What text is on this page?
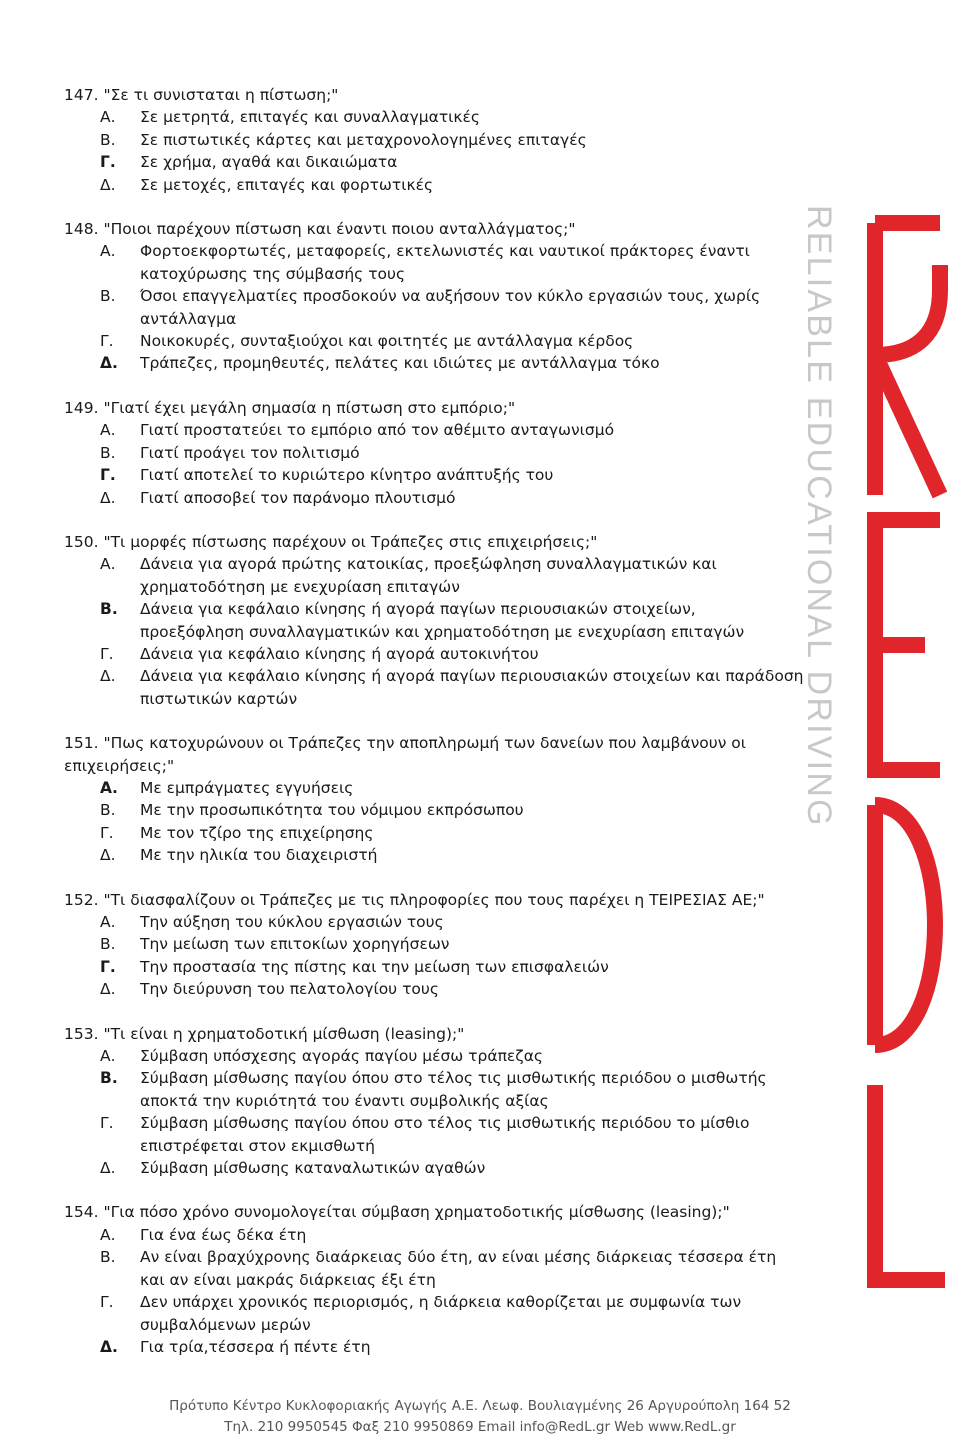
147. "Σε τι συνισταται η πίστωση;"
Α.	Σε μετρητά, επιταγές και συναλλαγματικές
Β.	Σε πιστωτικές κάρτες και μεταχρονολογημένες επιταγές
Γ.	Σε χρήμα, αγαθά και δικαιώματα
Δ.	Σε μετοχές, επιταγές και φορτωτικές
148. "Ποιοι παρέχουν πίστωση και έναντι ποιου ανταλλάγματος;"
Α.	Φορτοεκφορτωτές, μεταφορείς, εκτελωνιστές και ναυτικοί πράκτορες έναντι κατοχύρωσης της σύμβασής τους
Β.	Όσοι επαγγελματίες προσδοκούν να αυξήσουν τον κύκλο εργασιών τους, χωρίς αντάλλαγμα
Γ.	Νοικοκυρές, συνταξιούχοι και φοιτητές με αντάλλαγμα κέρδος
Δ.	Τράπεζες, προμηθευτές, πελάτες και ιδιώτες με αντάλλαγμα τόκο
149. "Γιατί έχει μεγάλη σημασία η πίστωση στο εμπόριο;"
Α.	Γιατί προστατεύει το εμπόριο από τον αθέμιτο ανταγωνισμό
Β.	Γιατί προάγει τον πολιτισμό
Γ.	Γιατί αποτελεί το κυριώτερο κίνητρο ανάπτυξής του
Δ.	Γιατί αποσοβεί τον παράνομο πλουτισμό
150. "Τι μορφές πίστωσης παρέχουν οι Τράπεζες στις επιχειρήσεις;"
Α.	Δάνεια για αγορά πρώτης κατοικίας, προεξώφληση συναλλαγματικών και χρηματοδότηση με ενεχυρίαση επιταγών
Β.	Δάνεια για κεφάλαιο κίνησης ή αγορά παγίων περιουσιακών στοιχείων, προεξόφληση συναλλαγματικών και χρηματοδότηση με ενεχυρίαση επιταγών
Γ.	Δάνεια για κεφάλαιο κίνησης ή αγορά αυτοκινήτου
Δ.	Δάνεια για κεφάλαιο κίνησης ή αγορά παγίων περιουσιακών στοιχείων και παράδοση πιστωτικών καρτών
151. "Πως κατοχυρώνουν οι Τράπεζες την αποπληρωμή των δανείων που λαμβάνουν οι επιχειρήσεις;"
Α.	Με εμπράγματες εγγυήσεις
Β.	Με την προσωπικότητα του νόμιμου εκπρόσωπου
Γ.	Με τον τζίρο της επιχείρησης
Δ.	Με την ηλικία του διαχειριστή
152. "Τι διασφαλίζουν οι Τράπεζες με τις πληροφορίες που τους παρέχει η ΤΕΙΡΕΣΙΑΣ ΑΕ;"
Α.	Την αύξηση του κύκλου εργασιών τους
Β.	Την μείωση των επιτοκίων χορηγήσεων
Γ.	Την προστασία της πίστης και την μείωση των επισφαλειών
Δ.	Την διεύρυνση του πελατολογίου τους
153. "Τι είναι η χρηματοδοτική μίσθωση (leasing);"
Α.	Σύμβαση υπόσχεσης αγοράς παγίου μέσω τράπεζας
Β.	Σύμβαση μίσθωσης παγίου όπου στο τέλος τις μισθωτικής περιόδου ο μισθωτής αποκτά την κυριότητά του έναντι συμβολικής αξίας
Γ.	Σύμβαση μίσθωσης παγίου όπου στο τέλος τις μισθωτικής περιόδου το μίσθιο επιστρέφεται στον εκμισθωτή
Δ.	Σύμβαση μίσθωσης καταναλωτικών αγαθών
154. "Για πόσο χρόνο συνομολογείται σύμβαση χρηματοδοτικής μίσθωσης (leasing);"
Α.	Για ένα έως δέκα έτη
Β.	Αν είναι βραχύχρονης διαάρκειας δύο έτη, αν είναι μέσης διάρκειας τέσσερα έτη και αν είναι μακράς διάρκειας έξι έτη
Γ.	Δεν υπάρχει χρονικός περιορισμός, η διάρκεια καθορίζεται με συμφωνία των συμβαλόμενων μερών
Δ.	Για τρία,τέσσερα ή πέντε έτη
RELIABLE EDUCATIONAL DRIVING
Πρότυπο Κέντρο Κυκλοφοριακής Αγωγής Α.Ε. Λεωφ. Βουλιαγμένης 26 Αργυρούπολη 164 52
Τηλ. 210 9950545 Φαξ 210 9950869 Email info@RedL.gr Web www.RedL.gr
